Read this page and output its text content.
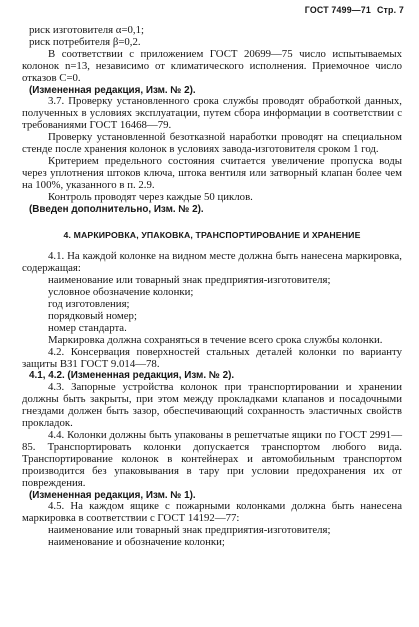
ГОСТ 7499—71 Стр. 7

риск изготовителя α=0,1;

риск потребителя β=0,2.

В соответствии с приложением ГОСТ 20699—75 число испытываемых колонок n=13, независимо от климатического исполнения. Приемочное число отказов С=0.

(Измененная редакция, Изм. № 2).

3.7. Проверку установленного срока службы проводят обработкой данных, полученных в условиях эксплуатации, путем сбора информации в соответствии с требованиями ГОСТ 16468—79.

Проверку установленной безотказной наработки проводят на специальном стенде после хранения колонок в условиях завода-изготовителя сроком 1 год.

Критерием предельного состояния считается увеличение пропуска воды через уплотнения штоков ключа, штока вентиля или затворный клапан более чем на 100%, указанного в п. 2.9.

Контроль проводят через каждые 50 циклов.

(Введен дополнительно, Изм. № 2).

4. МАРКИРОВКА, УПАКОВКА, ТРАНСПОРТИРОВАНИЕ И ХРАНЕНИЕ

4.1. На каждой колонке на видном месте должна быть нанесена маркировка, содержащая:

наименование или товарный знак предприятия-изготовителя;

условное обозначение колонки;

год изготовления;

порядковый номер;

номер стандарта.

Маркировка должна сохраняться в течение всего срока службы колонки.

4.2. Консервация поверхностей стальных деталей колонки по варианту защиты ВЗ1 ГОСТ 9.014—78.

4.1, 4.2. (Измененная редакция, Изм. № 2).

4.3. Запорные устройства колонок при транспортировании и хранении должны быть закрыты, при этом между прокладками клапанов и посадочными гнездами должен быть зазор, обеспечивающий сохранность эластичных свойств прокладок.

4.4. Колонки должны быть упакованы в решетчатые ящики по ГОСТ 2991—85. Транспортировать колонки допускается транспортом любого вида. Транспортирование колонок в контейнерах и автомобильным транспортом производится без упаковывания в тару при условии предохранения их от повреждения.

(Измененная редакция, Изм. № 1).

4.5. На каждом ящике с пожарными колонками должна быть нанесена маркировка в соответствии с ГОСТ 14192—77:

наименование или товарный знак предприятия-изготовителя;

наименование и обозначение колонки;
